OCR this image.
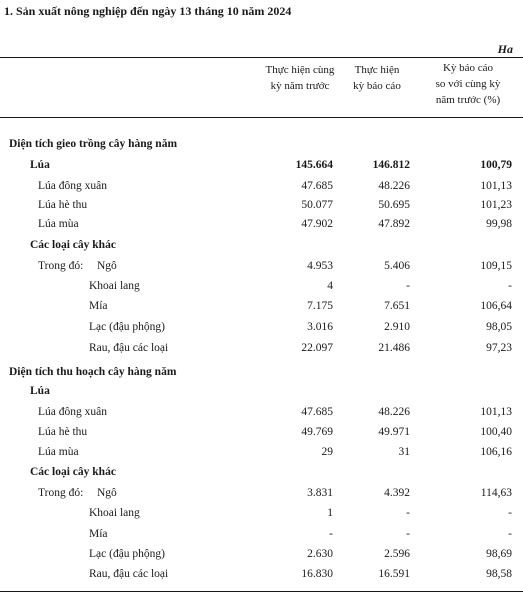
1. Sản xuất nông nghiệp đến ngày 13 tháng 10 năm 2024
Ha
Thực hiện cùng
kỳ năm trước
Thực hiện
kỳ báo cáo
Kỳ báo cáo
so với cùng kỳ
năm trước (%)
Diện tích gieo trồng cây hàng năm
Lúa	145.664	146.812	100,79
Lúa đông xuân	47.685	48.226	101,13
Lúa hè thu	50.077	50.695	101,23
Lúa mùa	47.902	47.892	99,98
Các loại cây khác
Trong đó: Ngô	4.953	5.406	109,15
Khoai lang	4	-	-
Mía	7.175	7.651	106,64
Lạc (đậu phộng)	3.016	2.910	98,05
Rau, đậu các loại	22.097	21.486	97,23
Diện tích thu hoạch cây hàng năm
Lúa
Lúa đông xuân	47.685	48.226	101,13
Lúa hè thu	49.769	49.971	100,40
Lúa mùa	29	31	106,16
Các loại cây khác
Trong đó: Ngô	3.831	4.392	114,63
Khoai lang	1	-	-
Mía	-	-	-
Lạc (đậu phộng)	2.630	2.596	98,69
Rau, đậu các loại	16.830	16.591	98,58
